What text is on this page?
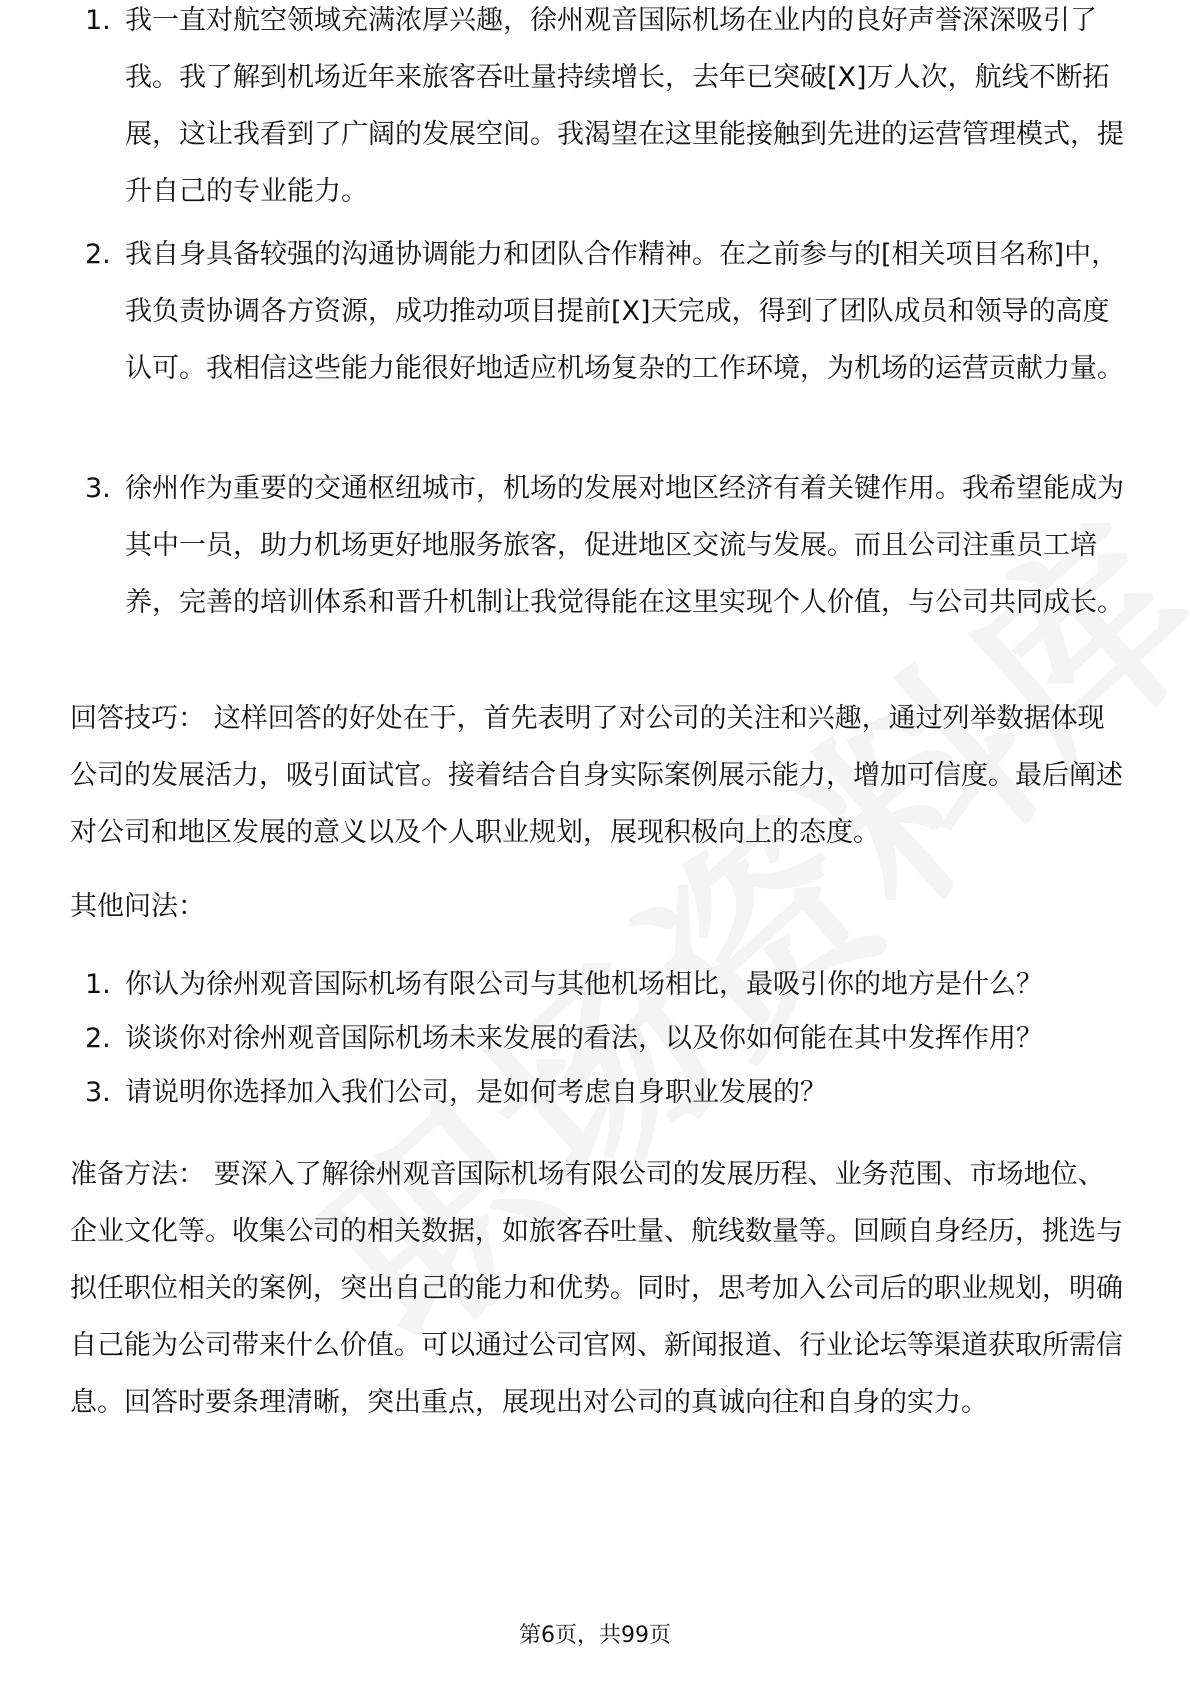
1. 我一直对航空领域充满浓厚兴趣，徐州观音国际机场在业内的良好声誉深深吸引了我。我了解到机场近年来旅客吞吐量持续增长，去年已突破[X]万人次，航线不断拓展，这让我看到了广阔的发展空间。我渴望在这里能接触到先进的运营管理模式，提升自己的专业能力。
2. 我自身具备较强的沟通协调能力和团队合作精神。在之前参与的[相关项目名称]中，我负责协调各方资源，成功推动项目提前[X]天完成，得到了团队成员和领导的高度认可。我相信这些能力能很好地适应机场复杂的工作环境，为机场的运营贡献力量。
3. 徐州作为重要的交通枢纽城市，机场的发展对地区经济有着关键作用。我希望能成为其中一员，助力机场更好地服务旅客，促进地区交流与发展。而且公司注重员工培养，完善的培训体系和晋升机制让我觉得能在这里实现个人价值，与公司共同成长。

回答技巧： 这样回答的好处在于，首先表明了对公司的关注和兴趣，通过列举数据体现公司的发展活力，吸引面试官。接着结合自身实际案例展示能力，增加可信度。最后阐述对公司和地区发展的意义以及个人职业规划，展现积极向上的态度。

其他问法：

1. 你认为徐州观音国际机场有限公司与其他机场相比，最吸引你的地方是什么？
2. 谈谈你对徐州观音国际机场未来发展的看法，以及你如何能在其中发挥作用？
3. 请说明你选择加入我们公司，是如何考虑自身职业发展的？

准备方法： 要深入了解徐州观音国际机场有限公司的发展历程、业务范围、市场地位、企业文化等。收集公司的相关数据，如旅客吞吐量、航线数量等。回顾自身经历，挑选与拟任职位相关的案例，突出自己的能力和优势。同时，思考加入公司后的职业规划，明确自己能为公司带来什么价值。可以通过公司官网、新闻报道、行业论坛等渠道获取所需信息。回答时要条理清晰，突出重点，展现出对公司的真诚向往和自身的实力。

第6页，共99页
